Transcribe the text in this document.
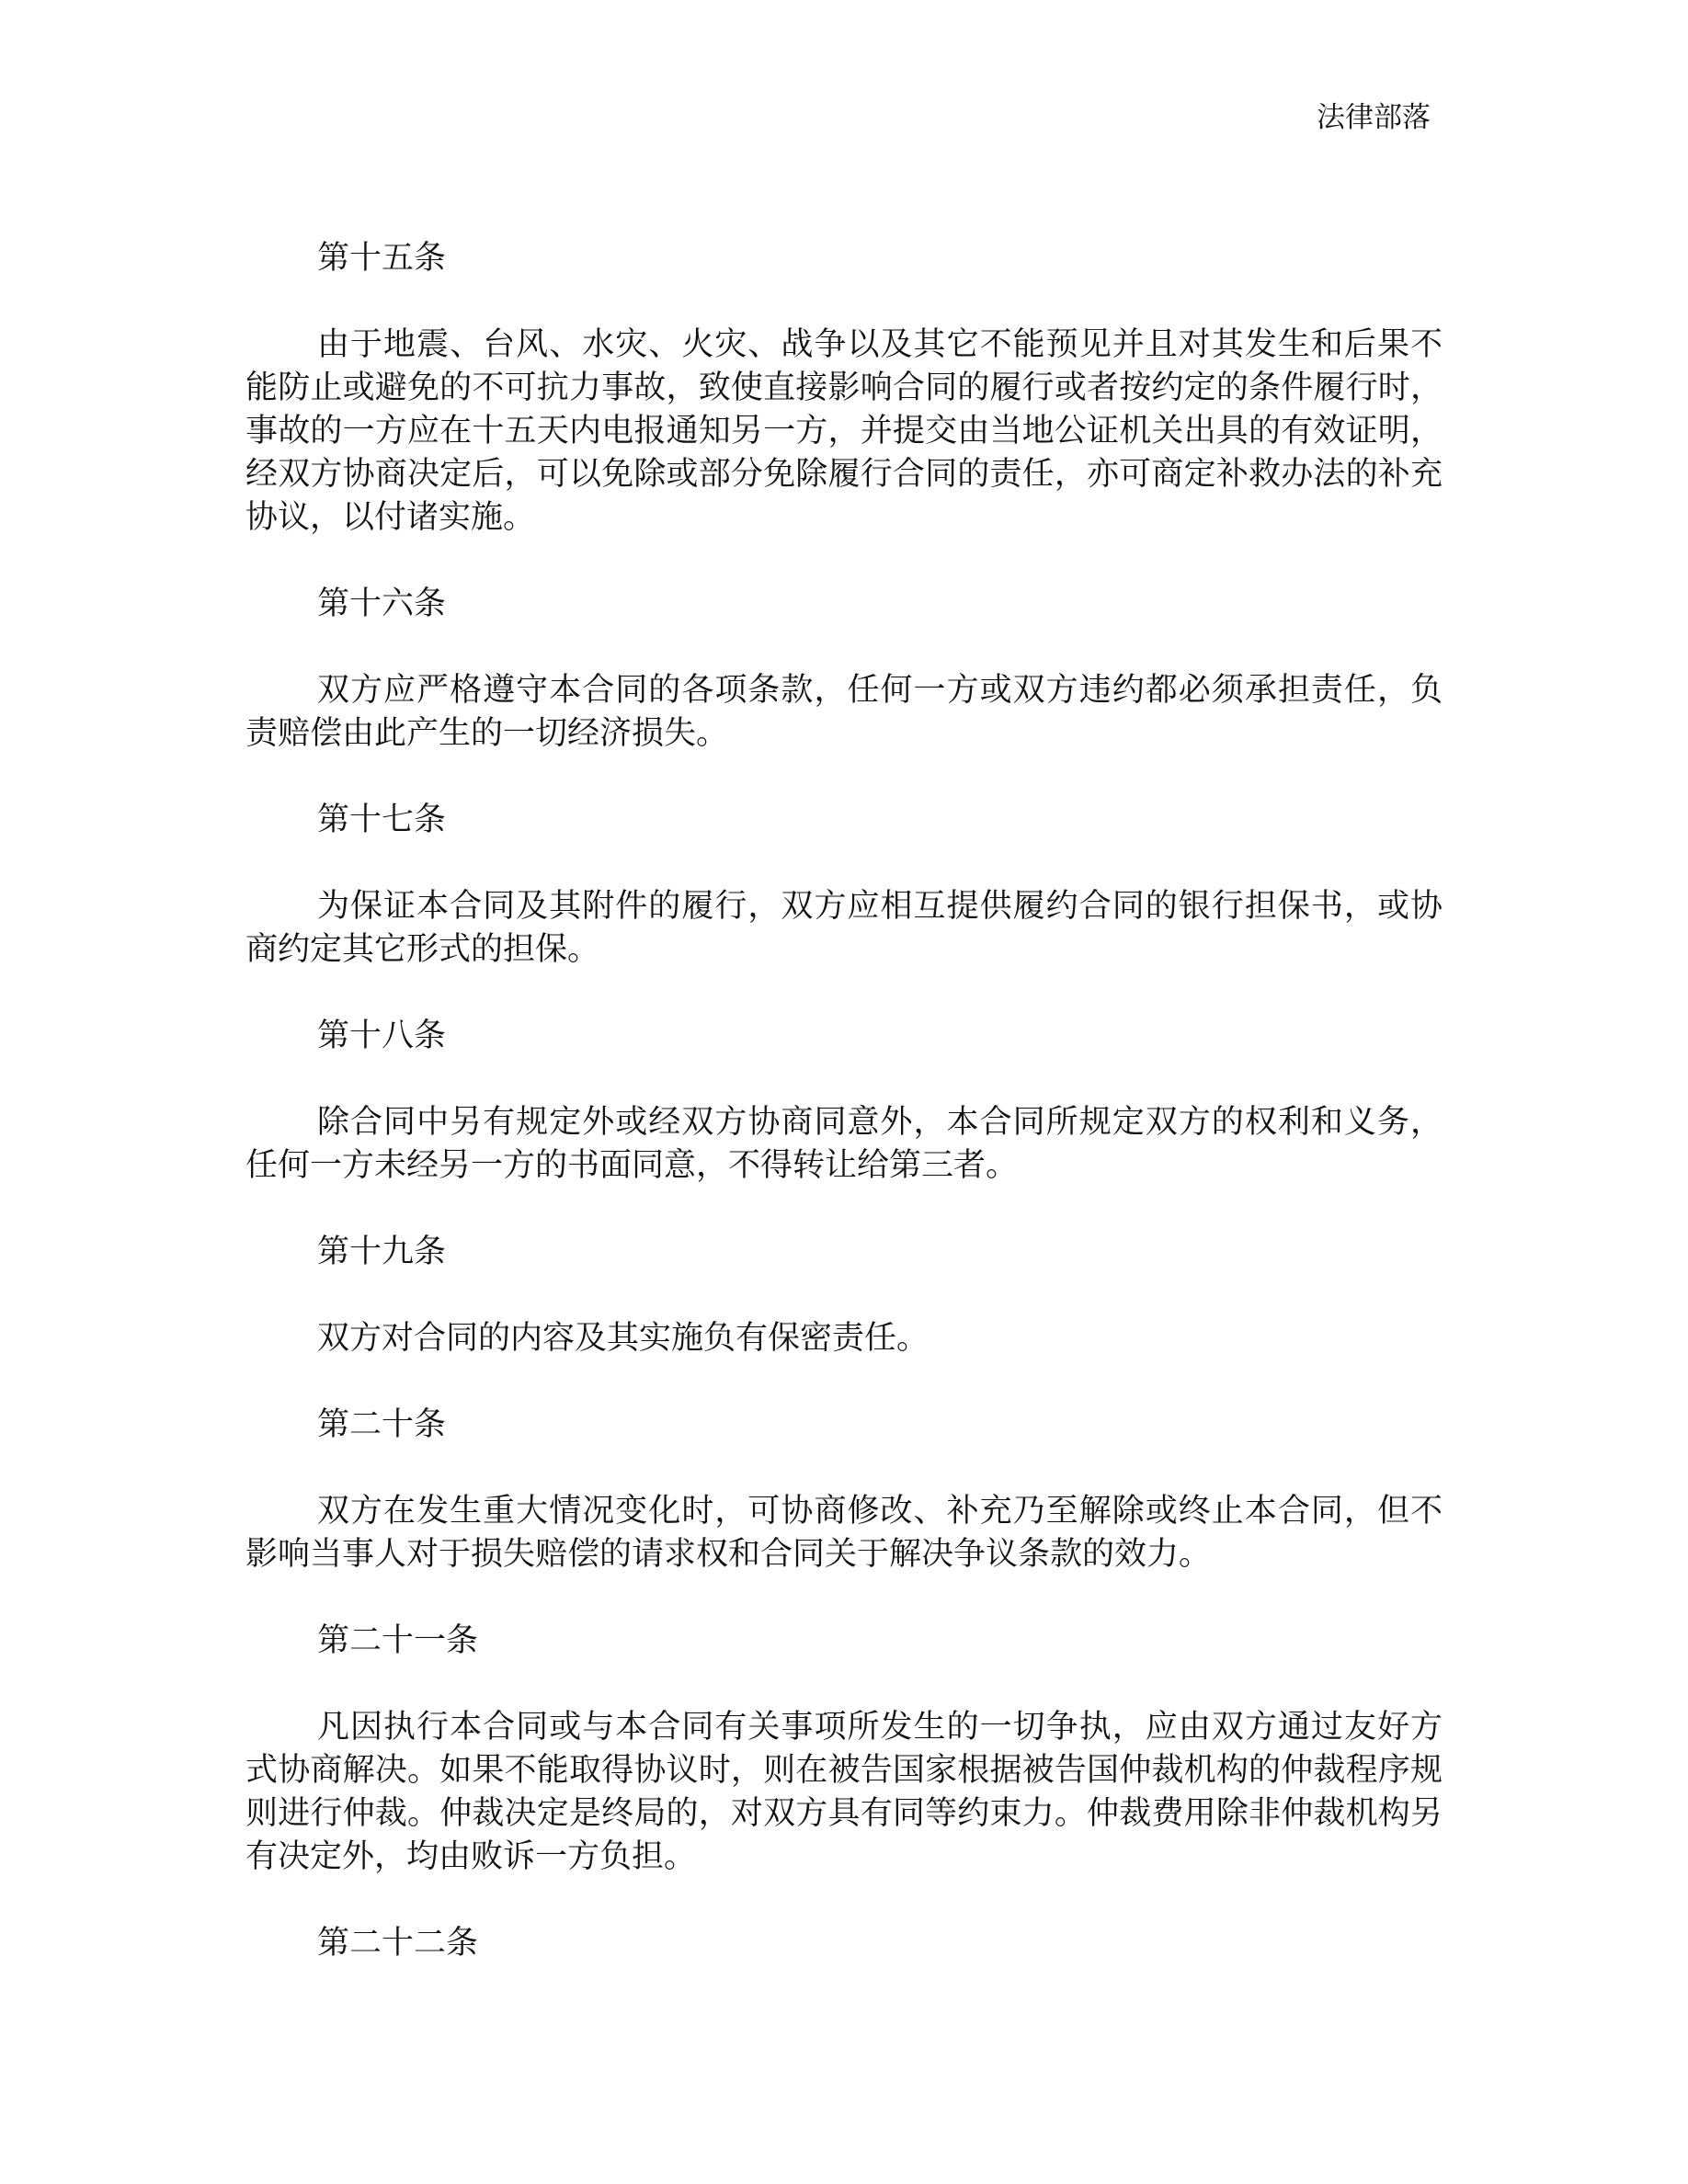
法律部落

第十五条

由于地震、台风、水灾、火灾、战争以及其它不能预见并且对其发生和后果不能防止或避免的不可抗力事故，致使直接影响合同的履行或者按约定的条件履行时，事故的一方应在十五天内电报通知另一方，并提交由当地公证机关出具的有效证明，经双方协商决定后，可以免除或部分免除履行合同的责任，亦可商定补救办法的补充协议，以付诸实施。

第十六条

双方应严格遵守本合同的各项条款，任何一方或双方违约都必须承担责任，负责赔偿由此产生的一切经济损失。

第十七条

为保证本合同及其附件的履行，双方应相互提供履约合同的银行担保书，或协商约定其它形式的担保。

第十八条

除合同中另有规定外或经双方协商同意外，本合同所规定双方的权利和义务，任何一方未经另一方的书面同意，不得转让给第三者。

第十九条

双方对合同的内容及其实施负有保密责任。

第二十条

双方在发生重大情况变化时，可协商修改、补充乃至解除或终止本合同，但不影响当事人对于损失赔偿的请求权和合同关于解决争议条款的效力。

第二十一条

凡因执行本合同或与本合同有关事项所发生的一切争执，应由双方通过友好方式协商解决。如果不能取得协议时，则在被告国家根据被告国仲裁机构的仲裁程序规则进行仲裁。仲裁决定是终局的，对双方具有同等约束力。仲裁费用除非仲裁机构另有决定外，均由败诉一方负担。

第二十二条
